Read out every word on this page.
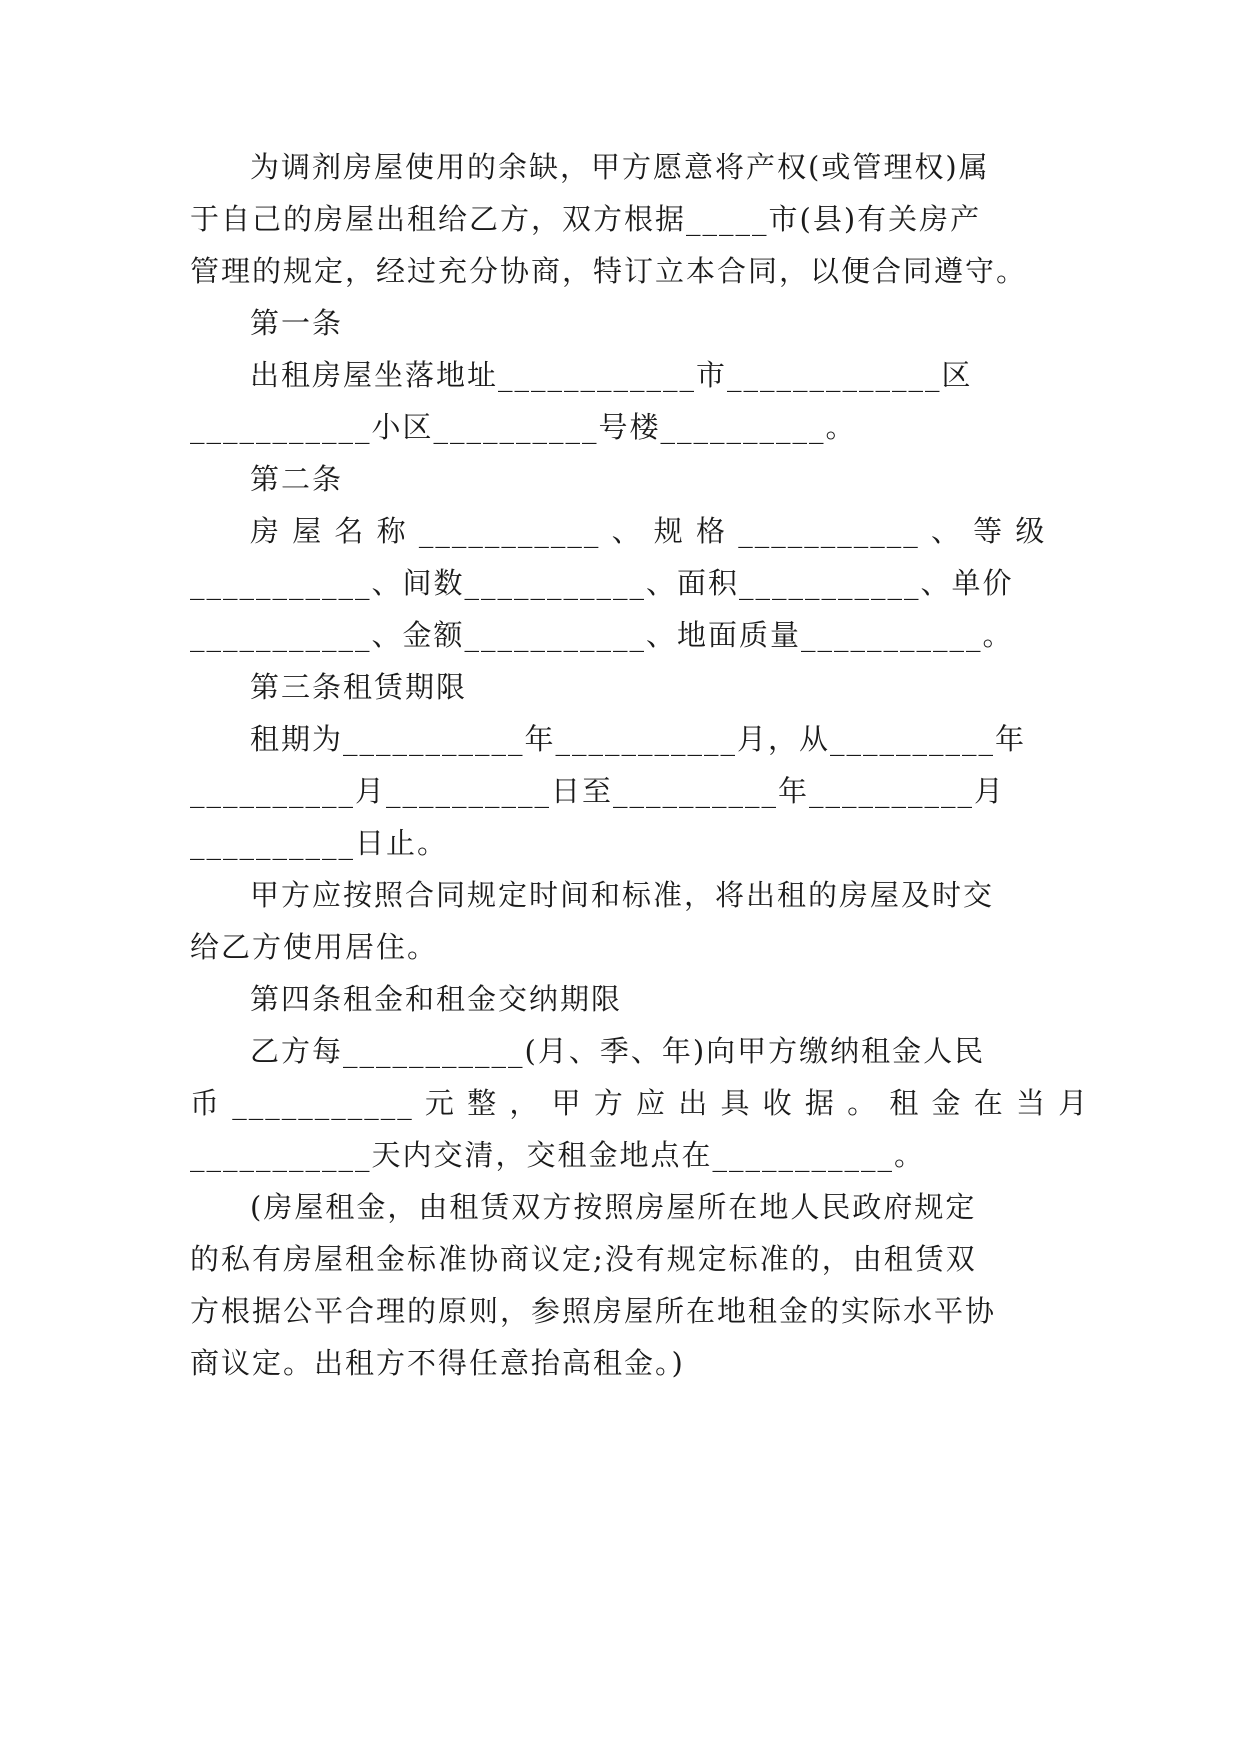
为调剂房屋使用的余缺，甲方愿意将产权(或管理权)属
于自己的房屋出租给乙方，双方根据_____市(县)有关房产
管理的规定，经过充分协商，特订立本合同，以便合同遵守。
第一条
出租房屋坐落地址____________市_____________区
___________小区__________号楼__________。
第二条
房 屋 名 称 ___________ 、 规 格 ___________ 、 等 级
___________、间数___________、面积___________、单价
___________、金额___________、地面质量___________。
第三条租赁期限
租期为___________年___________月，从__________年
__________月__________日至__________年__________月
__________日止。
甲方应按照合同规定时间和标准，将出租的房屋及时交
给乙方使用居住。
第四条租金和租金交纳期限
乙方每___________(月、季、年)向甲方缴纳租金人民
币 ___________ 元 整 ， 甲 方 应 出 具 收 据 。 租 金 在 当 月
___________天内交清，交租金地点在___________。
(房屋租金，由租赁双方按照房屋所在地人民政府规定
的私有房屋租金标准协商议定;没有规定标准的，由租赁双
方根据公平合理的原则，参照房屋所在地租金的实际水平协
商议定。出租方不得任意抬高租金。)
